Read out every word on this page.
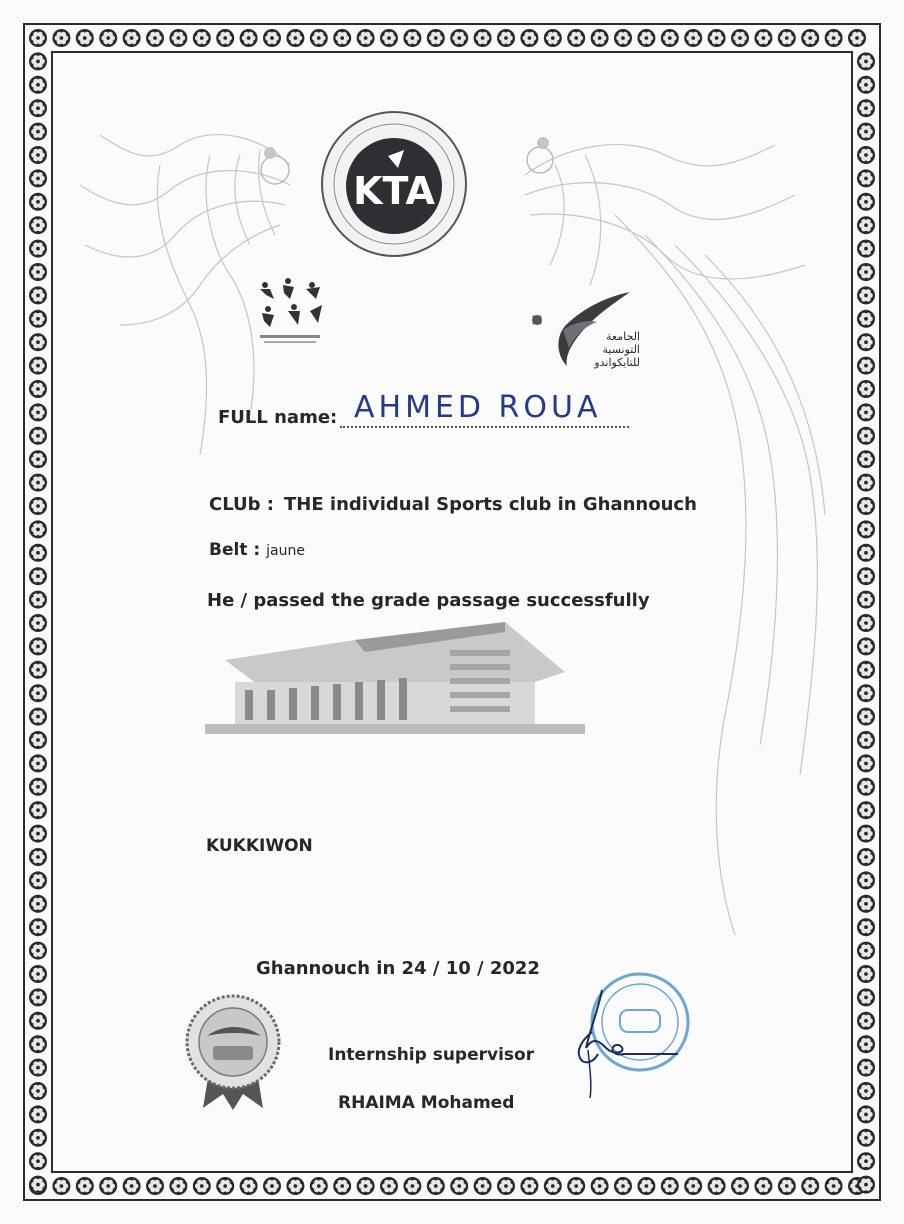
KTA
الجامعة
التونسية
للتايكواندو
FULL name: AHMED ROUA
CLUb : THE individual Sports club in Ghannouch
Belt : jaune
He / passed the grade passage successfully
KUKKIWON
Ghannouch in 24 / 10 / 2022
Internship supervisor
RHAIMA Mohamed
